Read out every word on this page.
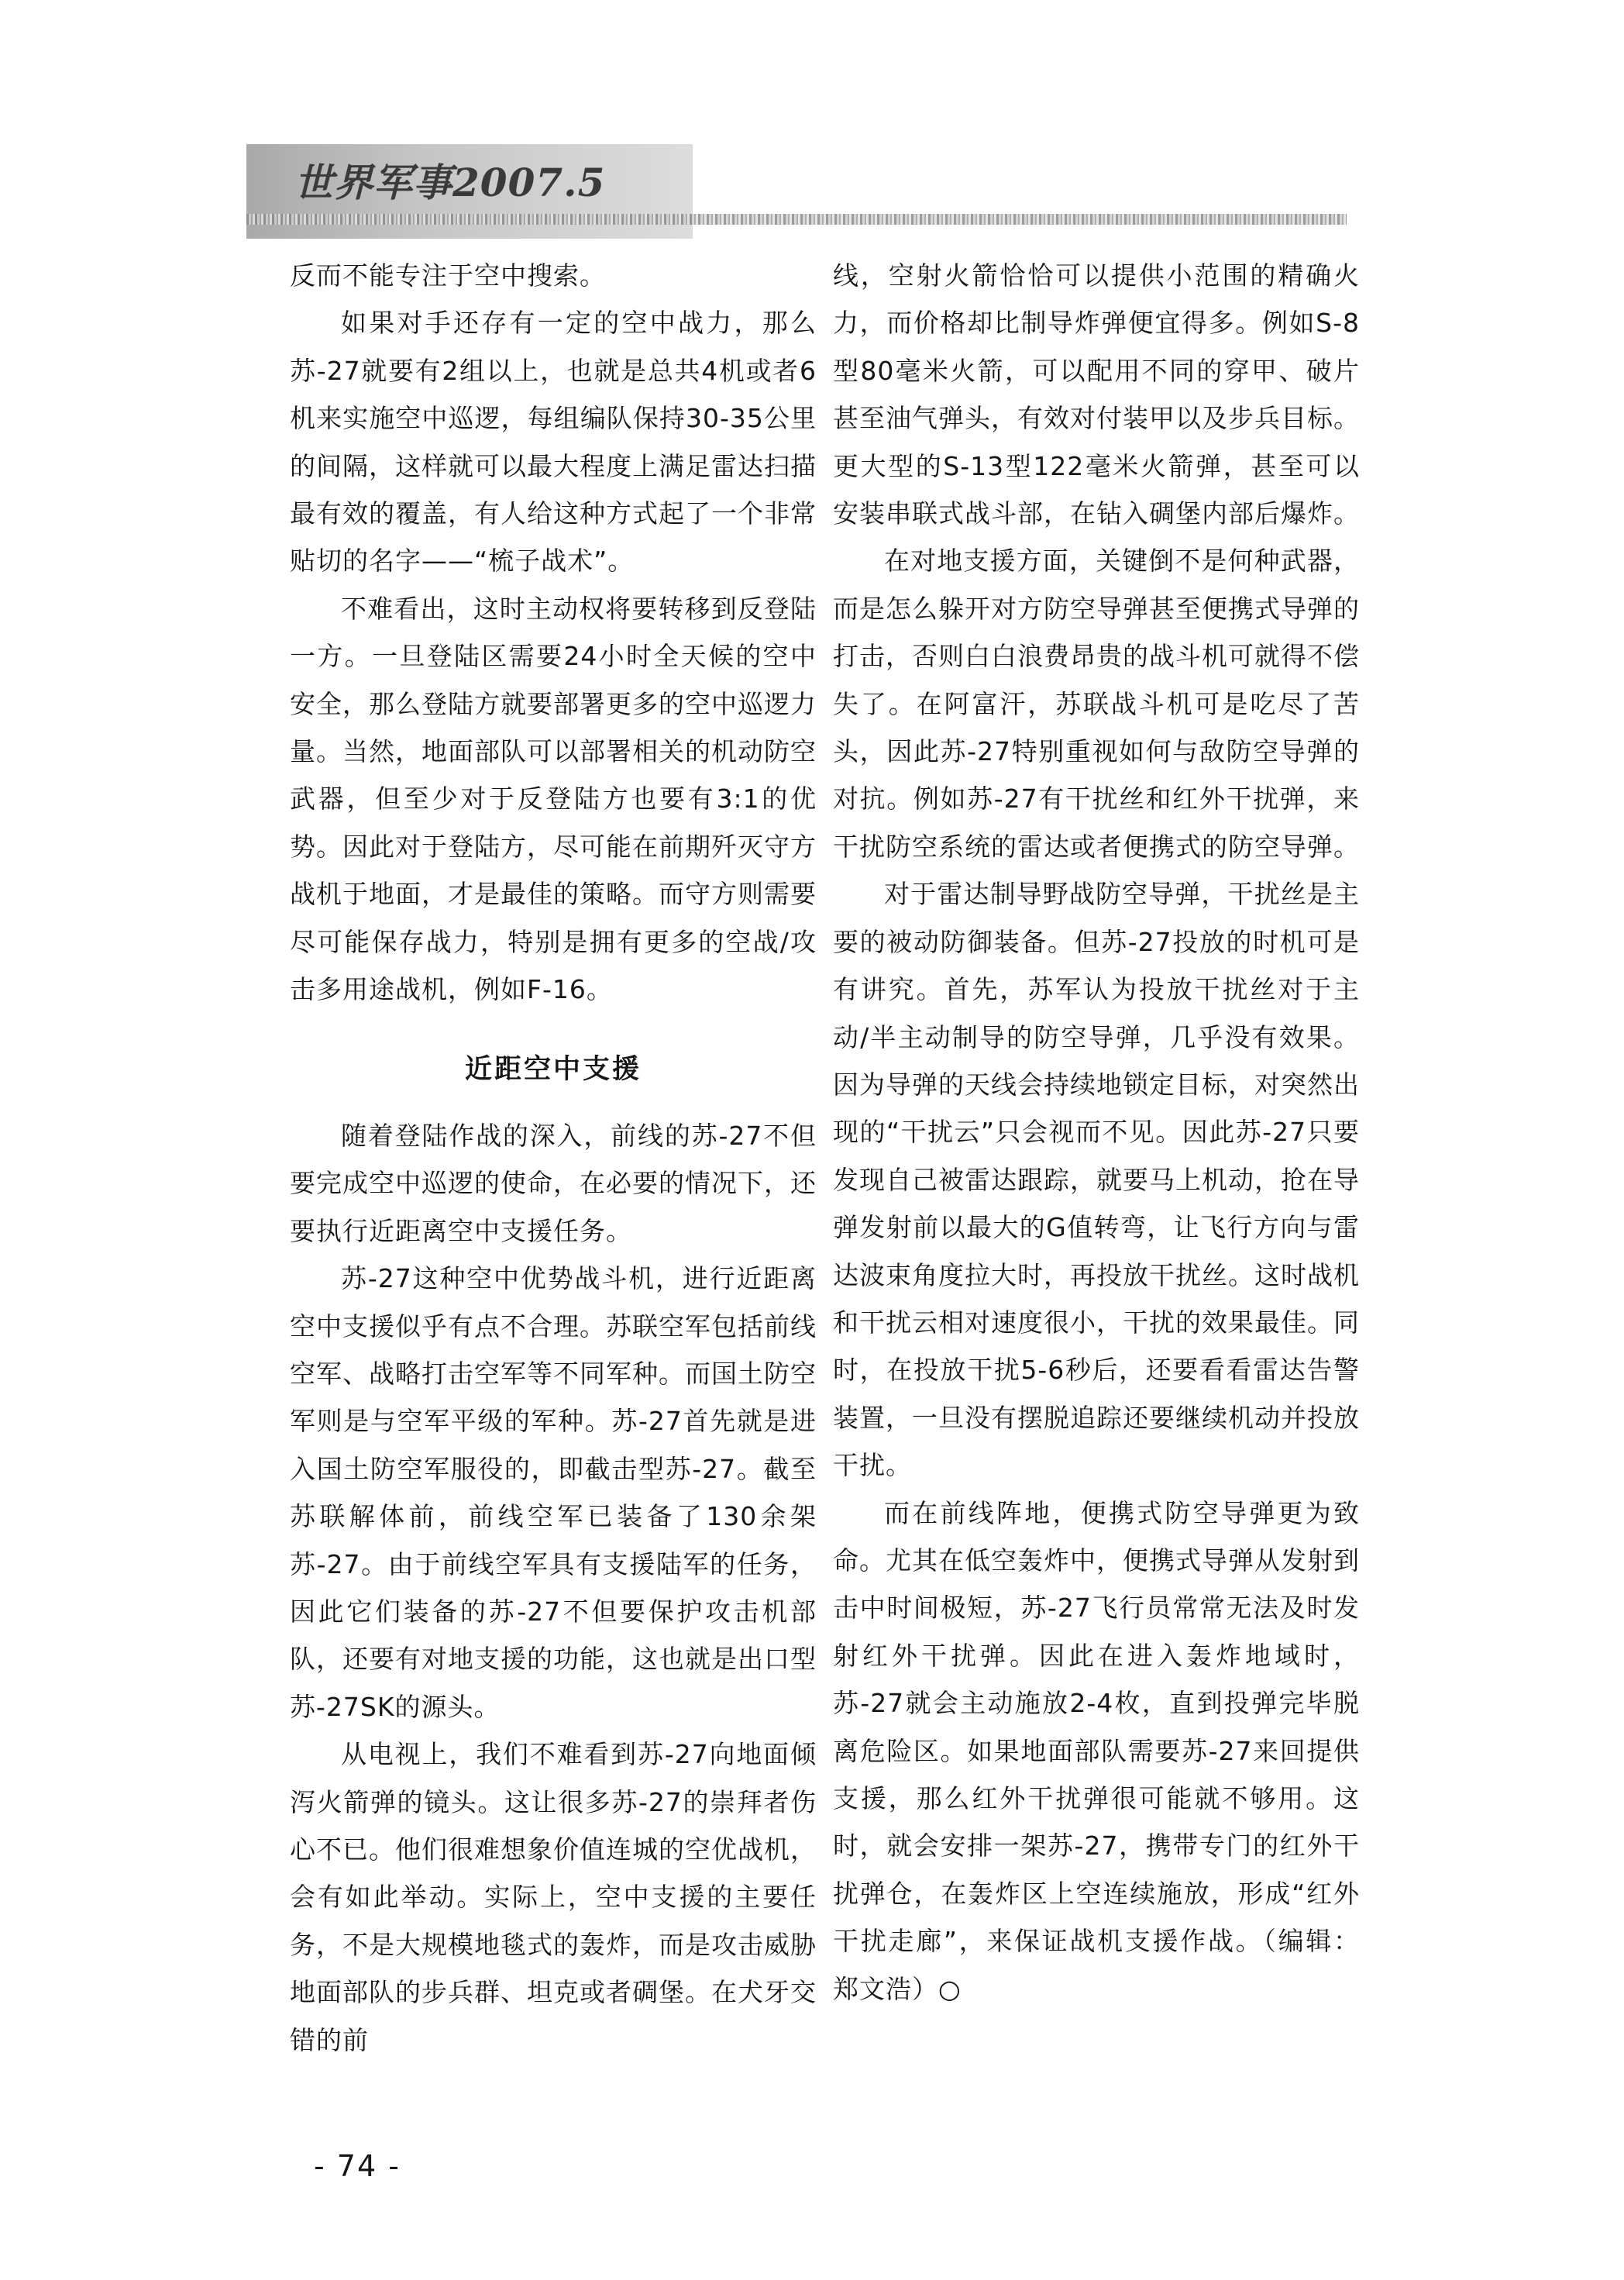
世界军事2007.5

反而不能专注于空中搜索。

如果对手还存有一定的空中战力，那么苏-27就要有2组以上，也就是总共4机或者6机来实施空中巡逻，每组编队保持30-35公里的间隔，这样就可以最大程度上满足雷达扫描最有效的覆盖，有人给这种方式起了一个非常贴切的名字——“梳子战术”。

不难看出，这时主动权将要转移到反登陆一方。一旦登陆区需要24小时全天候的空中安全，那么登陆方就要部署更多的空中巡逻力量。当然，地面部队可以部署相关的机动防空武器，但至少对于反登陆方也要有3:1的优势。因此对于登陆方，尽可能在前期歼灭守方战机于地面，才是最佳的策略。而守方则需要尽可能保存战力，特别是拥有更多的空战/攻击多用途战机，例如F-16。

近距空中支援

随着登陆作战的深入，前线的苏-27不但要完成空中巡逻的使命，在必要的情况下，还要执行近距离空中支援任务。

苏-27这种空中优势战斗机，进行近距离空中支援似乎有点不合理。苏联空军包括前线空军、战略打击空军等不同军种。而国土防空军则是与空军平级的军种。苏-27首先就是进入国土防空军服役的，即截击型苏-27。截至苏联解体前，前线空军已装备了130余架苏-27。由于前线空军具有支援陆军的任务，因此它们装备的苏-27不但要保护攻击机部队，还要有对地支援的功能，这也就是出口型苏-27SK的源头。

从电视上，我们不难看到苏-27向地面倾泻火箭弹的镜头。这让很多苏-27的崇拜者伤心不已。他们很难想象价值连城的空优战机，会有如此举动。实际上，空中支援的主要任务，不是大规模地毯式的轰炸，而是攻击威胁地面部队的步兵群、坦克或者碉堡。在犬牙交错的前

线，空射火箭恰恰可以提供小范围的精确火力，而价格却比制导炸弹便宜得多。例如S-8型80毫米火箭，可以配用不同的穿甲、破片甚至油气弹头，有效对付装甲以及步兵目标。更大型的S-13型122毫米火箭弹，甚至可以安装串联式战斗部，在钻入碉堡内部后爆炸。

在对地支援方面，关键倒不是何种武器，而是怎么躲开对方防空导弹甚至便携式导弹的打击，否则白白浪费昂贵的战斗机可就得不偿失了。在阿富汗，苏联战斗机可是吃尽了苦头，因此苏-27特别重视如何与敌防空导弹的对抗。例如苏-27有干扰丝和红外干扰弹，来干扰防空系统的雷达或者便携式的防空导弹。

对于雷达制导野战防空导弹，干扰丝是主要的被动防御装备。但苏-27投放的时机可是有讲究。首先，苏军认为投放干扰丝对于主动/半主动制导的防空导弹，几乎没有效果。因为导弹的天线会持续地锁定目标，对突然出现的“干扰云”只会视而不见。因此苏-27只要发现自己被雷达跟踪，就要马上机动，抢在导弹发射前以最大的G值转弯，让飞行方向与雷达波束角度拉大时，再投放干扰丝。这时战机和干扰云相对速度很小，干扰的效果最佳。同时，在投放干扰5-6秒后，还要看看雷达告警装置，一旦没有摆脱追踪还要继续机动并投放干扰。

而在前线阵地，便携式防空导弹更为致命。尤其在低空轰炸中，便携式导弹从发射到击中时间极短，苏-27飞行员常常无法及时发射红外干扰弹。因此在进入轰炸地域时，苏-27就会主动施放2-4枚，直到投弹完毕脱离危险区。如果地面部队需要苏-27来回提供支援，那么红外干扰弹很可能就不够用。这时，就会安排一架苏-27，携带专门的红外干扰弹仓，在轰炸区上空连续施放，形成“红外干扰走廊”，来保证战机支援作战。（编辑：郑文浩）○

- 74 -
